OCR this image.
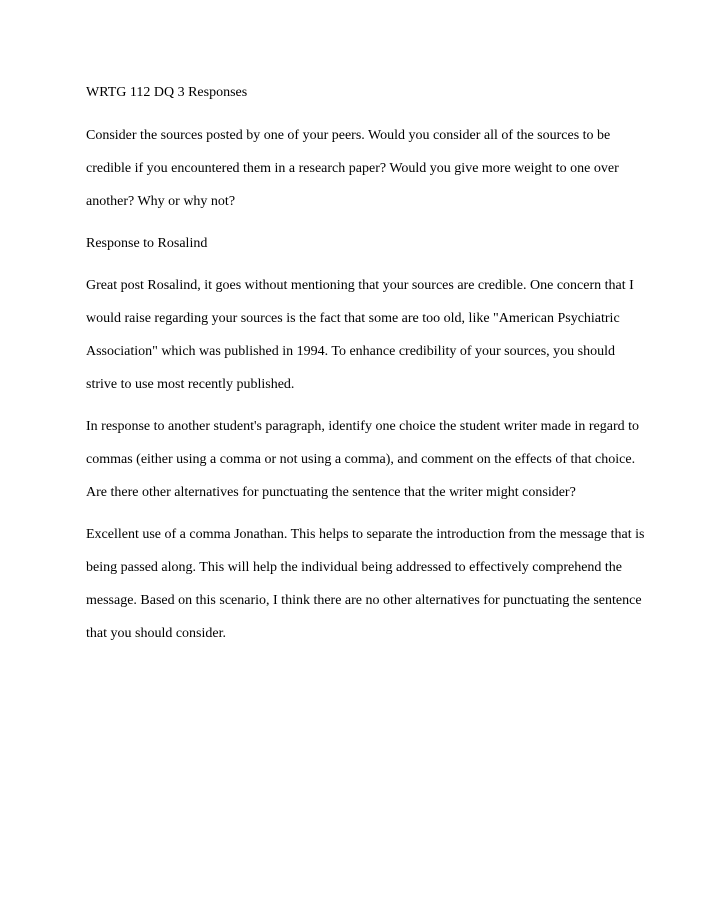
WRTG 112 DQ 3 Responses

Consider the sources posted by one of your peers. Would you consider all of the sources to be credible if you encountered them in a research paper? Would you give more weight to one over another? Why or why not?

Response to Rosalind

Great post Rosalind, it goes without mentioning that your sources are credible. One concern that I would raise regarding your sources is the fact that some are too old, like "American Psychiatric Association" which was published in 1994. To enhance credibility of your sources, you should strive to use most recently published.

In response to another student's paragraph, identify one choice the student writer made in regard to commas (either using a comma or not using a comma), and comment on the effects of that choice. Are there other alternatives for punctuating the sentence that the writer might consider?

Excellent use of a comma Jonathan. This helps to separate the introduction from the message that is being passed along. This will help the individual being addressed to effectively comprehend the message. Based on this scenario, I think there are no other alternatives for punctuating the sentence that you should consider.
